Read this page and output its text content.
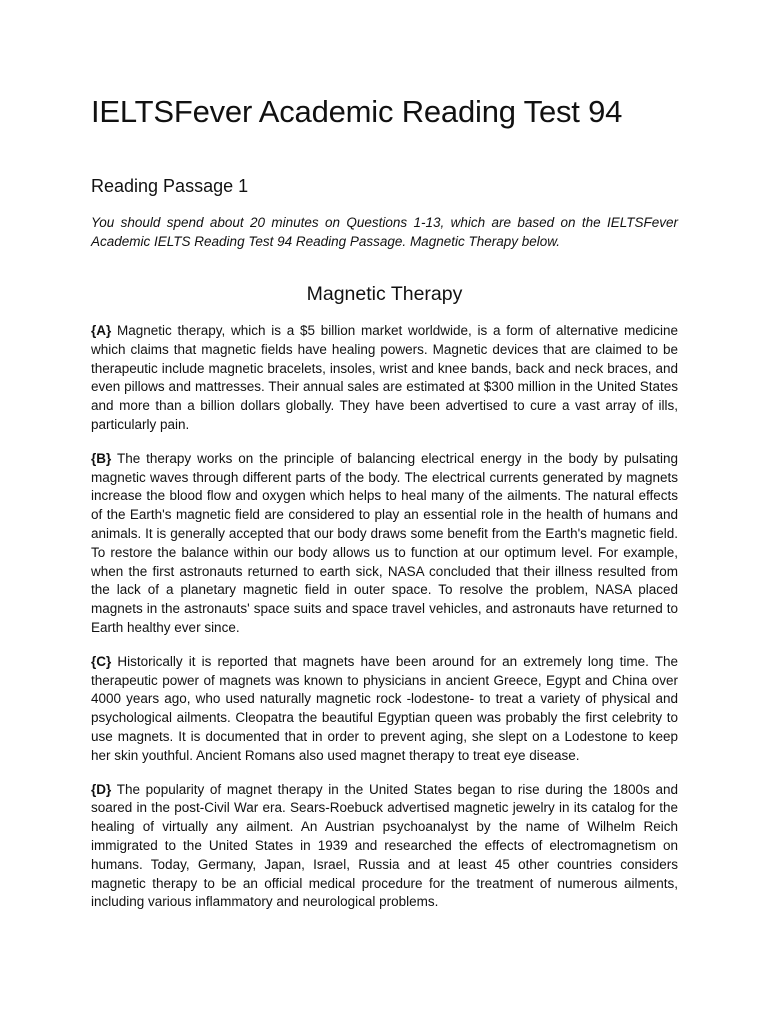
IELTSFever Academic Reading Test 94
Reading Passage 1

You should spend about 20 minutes on Questions 1-13, which are based on the IELTSFever Academic IELTS Reading Test 94 Reading Passage. Magnetic Therapy below.

Magnetic Therapy

{A} Magnetic therapy, which is a $5 billion market worldwide, is a form of alternative medicine which claims that magnetic fields have healing powers. Magnetic devices that are claimed to be therapeutic include magnetic bracelets, insoles, wrist and knee bands, back and neck braces, and even pillows and mattresses. Their annual sales are estimated at $300 million in the United States and more than a billion dollars globally. They have been advertised to cure a vast array of ills, particularly pain.

{B} The therapy works on the principle of balancing electrical energy in the body by pulsating magnetic waves through different parts of the body. The electrical currents generated by magnets increase the blood flow and oxygen which helps to heal many of the ailments. The natural effects of the Earth's magnetic field are considered to play an essential role in the health of humans and animals. It is generally accepted that our body draws some benefit from the Earth's magnetic field. To restore the balance within our body allows us to function at our optimum level. For example, when the first astronauts returned to earth sick, NASA concluded that their illness resulted from the lack of a planetary magnetic field in outer space. To resolve the problem, NASA placed magnets in the astronauts' space suits and space travel vehicles, and astronauts have returned to Earth healthy ever since.

{C} Historically it is reported that magnets have been around for an extremely long time. The therapeutic power of magnets was known to physicians in ancient Greece, Egypt and China over 4000 years ago, who used naturally magnetic rock -lodestone- to treat a variety of physical and psychological ailments. Cleopatra the beautiful Egyptian queen was probably the first celebrity to use magnets. It is documented that in order to prevent aging, she slept on a Lodestone to keep her skin youthful. Ancient Romans also used magnet therapy to treat eye disease.

{D} The popularity of magnet therapy in the United States began to rise during the 1800s and soared in the post-Civil War era. Sears-Roebuck advertised magnetic jewelry in its catalog for the healing of virtually any ailment. An Austrian psychoanalyst by the name of Wilhelm Reich immigrated to the United States in 1939 and researched the effects of electromagnetism on humans. Today, Germany, Japan, Israel, Russia and at least 45 other countries considers magnetic therapy to be an official medical procedure for the treatment of numerous ailments, including various inflammatory and neurological problems.
